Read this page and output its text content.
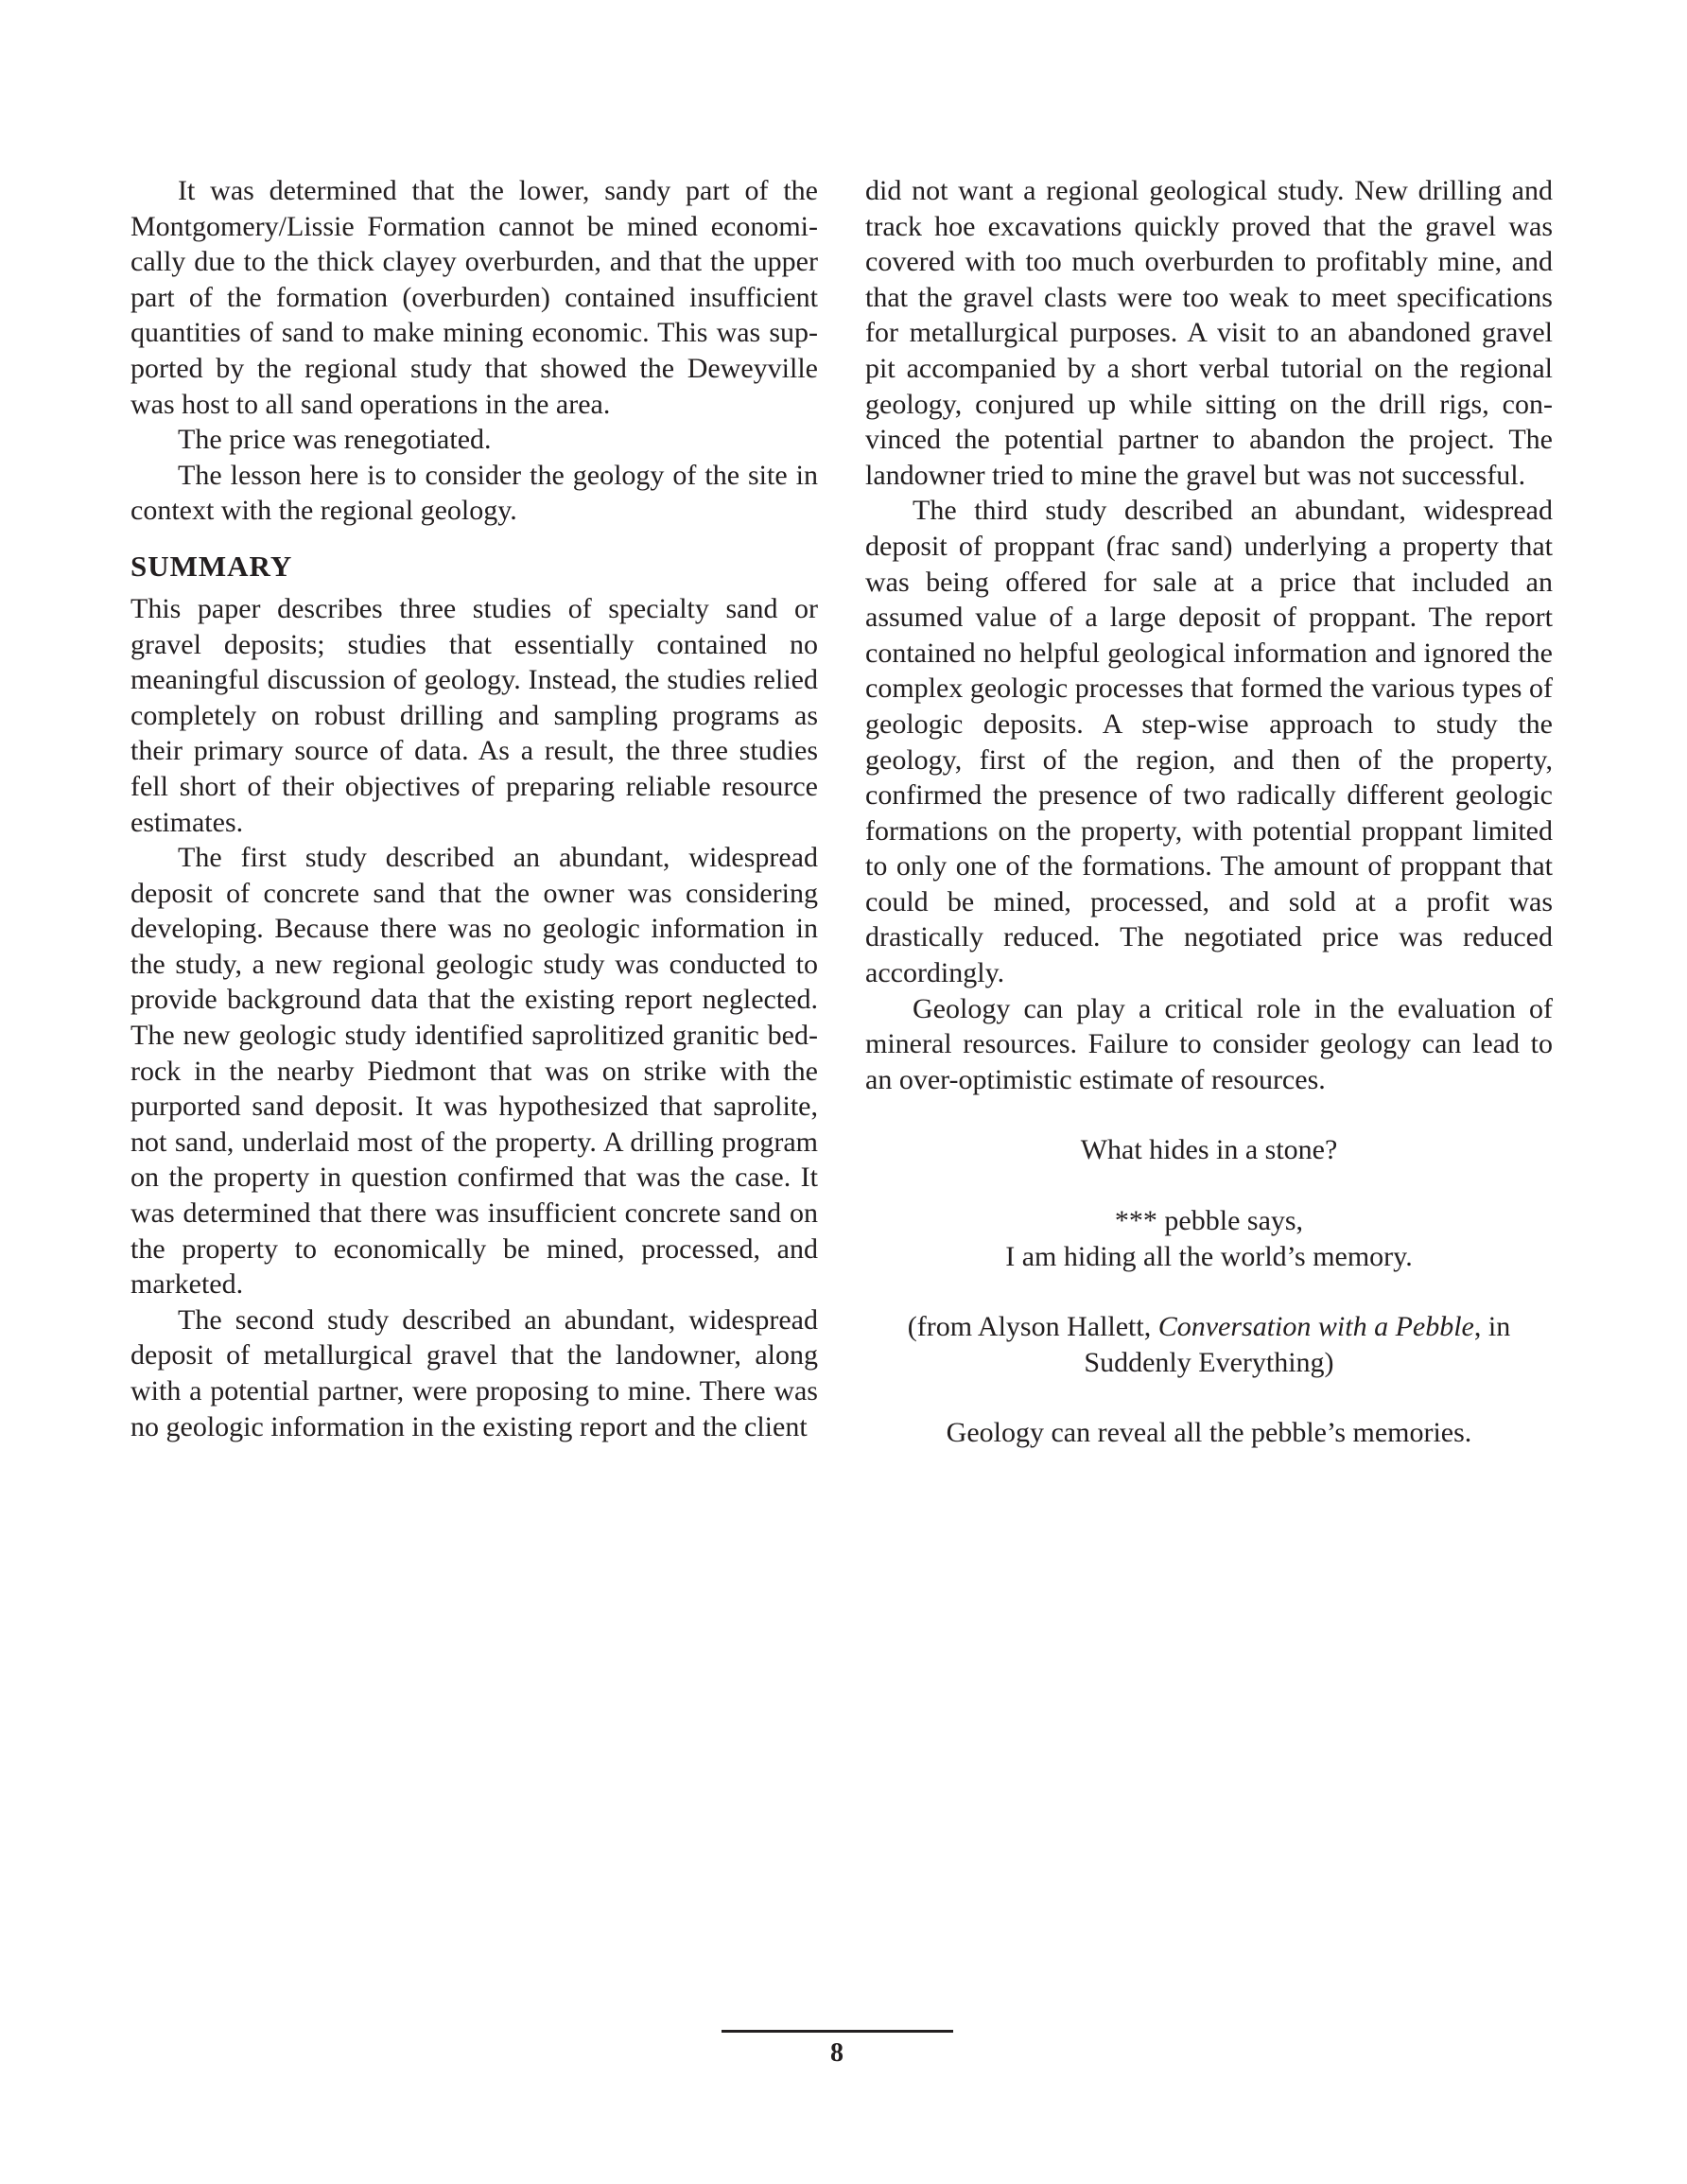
It was determined that the lower, sandy part of the Montgomery/Lissie Formation cannot be mined economically due to the thick clayey overburden, and that the upper part of the formation (overburden) contained insufficient quantities of sand to make mining economic. This was supported by the regional study that showed the Deweyville was host to all sand operations in the area.

The price was renegotiated.

The lesson here is to consider the geology of the site in context with the regional geology.

SUMMARY

This paper describes three studies of specialty sand or gravel deposits; studies that essentially contained no meaningful discussion of geology. Instead, the studies relied completely on robust drilling and sampling programs as their primary source of data. As a result, the three studies fell short of their objectives of preparing reliable resource estimates.

The first study described an abundant, widespread deposit of concrete sand that the owner was considering developing. Because there was no geologic information in the study, a new regional geologic study was conducted to provide background data that the existing report neglected. The new geologic study identified saprolitized granitic bedrock in the nearby Piedmont that was on strike with the purported sand deposit. It was hypothesized that saprolite, not sand, underlaid most of the property. A drilling program on the property in question confirmed that was the case. It was determined that there was insufficient concrete sand on the property to economically be mined, processed, and marketed.

The second study described an abundant, widespread deposit of metallurgical gravel that the landowner, along with a potential partner, were proposing to mine. There was no geologic information in the existing report and the client

did not want a regional geological study. New drilling and track hoe excavations quickly proved that the gravel was covered with too much overburden to profitably mine, and that the gravel clasts were too weak to meet specifications for metallurgical purposes. A visit to an abandoned gravel pit accompanied by a short verbal tutorial on the regional geology, conjured up while sitting on the drill rigs, convinced the potential partner to abandon the project. The landowner tried to mine the gravel but was not successful.

The third study described an abundant, widespread deposit of proppant (frac sand) underlying a property that was being offered for sale at a price that included an assumed value of a large deposit of proppant. The report contained no helpful geological information and ignored the complex geologic processes that formed the various types of geologic deposits. A step-wise approach to study the geology, first of the region, and then of the property, confirmed the presence of two radically different geologic formations on the property, with potential proppant limited to only one of the formations. The amount of proppant that could be mined, processed, and sold at a profit was drastically reduced. The negotiated price was reduced accordingly.

Geology can play a critical role in the evaluation of mineral resources. Failure to consider geology can lead to an over-optimistic estimate of resources.

What hides in a stone?

*** pebble says,

I am hiding all the world’s memory.

(from Alyson Hallett, Conversation with a Pebble, in

Suddenly Everything)

Geology can reveal all the pebble’s memories.

8
